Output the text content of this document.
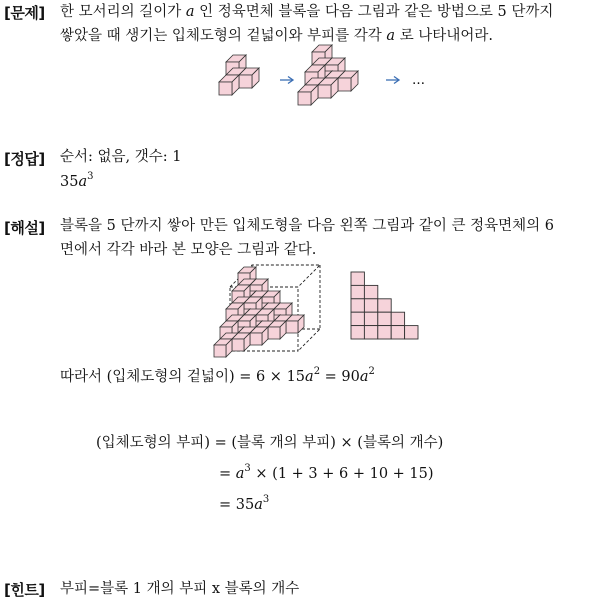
[문제] 한 모서리의 길이가 a 인 정육면체 블록을 다음 그림과 같은 방법으로 5 단까지
쌓았을 때 생기는 입체도형의 겉넓이와 부피를 각각 a 로 나타내어라.
…
[정답] 순서: 없음, 갯수: 1
$35a^3$
[해설] 블록을 5 단까지 쌓아 만든 입체도형을 다음 왼쪽 그림과 같이 큰 정육면체의 6
면에서 각각 바라 본 모양은 그림과 같다.
따라서 (입체도형의 겉넓이) = $6 \times 15a^2 = 90a^2$
(입체도형의 부피) = (블록 개의 부피) × (블록의 개수)
= $a^3 \times (1 + 3 + 6 + 10 + 15)$
= $35a^3$
[힌트] 부피=블록 1 개의 부피 x 블록의 개수
